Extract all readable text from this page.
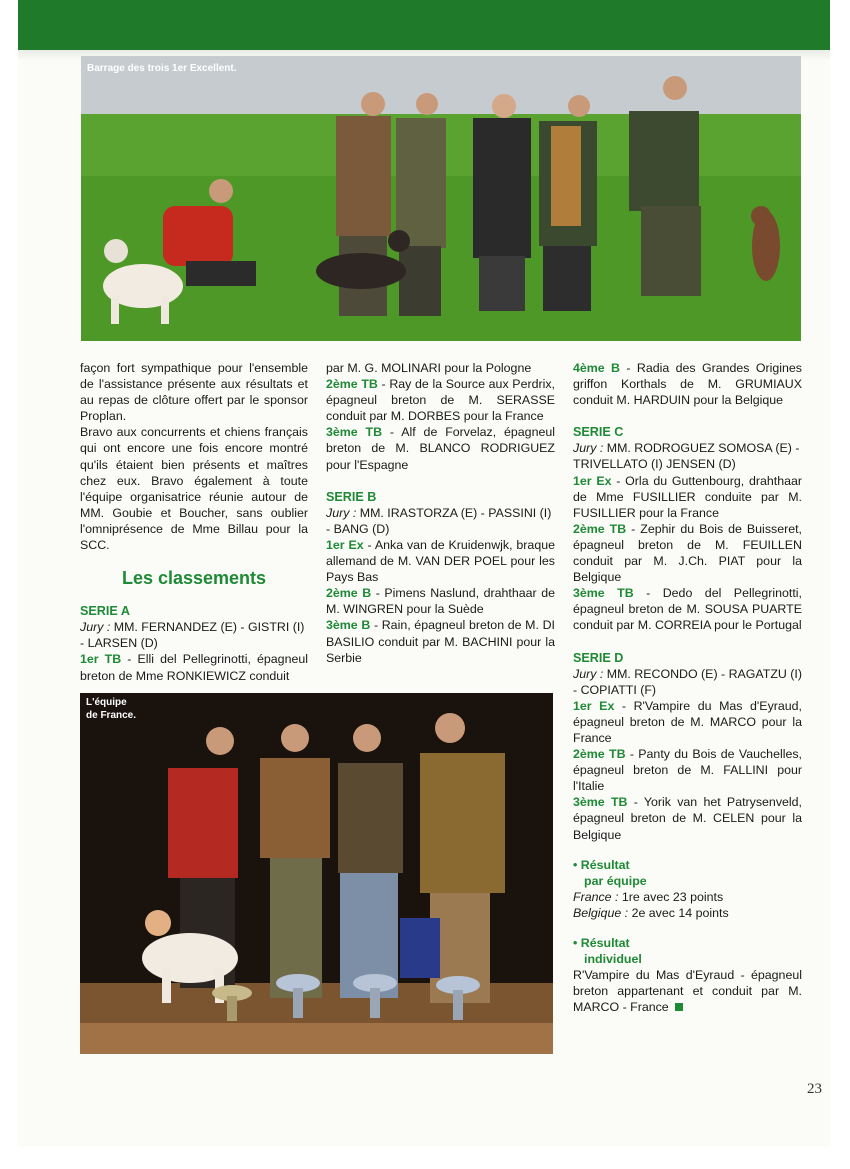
Barrage des trois 1er Excellent.

façon fort sympathique pour l'ensemble de l'assistance présente aux résultats et au repas de clôture offert par le sponsor Proplan.

Bravo aux concurrents et chiens français qui ont encore une fois encore montré qu'ils étaient bien présents et maîtres chez eux. Bravo également à toute l'équipe organisatrice réunie autour de MM. Goubie et Boucher, sans oublier l'omniprésence de Mme Billau pour la SCC.

Les classements

SERIE A

Jury : MM. FERNANDEZ (E) - GISTRI (I) - LARSEN (D)

1er TB - Elli del Pellegrinotti, épagneul breton de Mme RONKIEWICZ conduit

par M. G. MOLINARI pour la Pologne

2ème TB - Ray de la Source aux Perdrix, épagneul breton de M. SERASSE conduit par M. DORBES pour la France

3ème TB - Alf de Forvelaz, épagneul breton de M. BLANCO RODRIGUEZ pour l'Espagne

SERIE B

Jury : MM. IRASTORZA (E) - PASSINI (I) - BANG (D)

1er Ex - Anka van de Kruidenwjk, braque allemand de M. VAN DER POEL pour les Pays Bas

2ème B - Pimens Naslund, drahthaar de M. WINGREN pour la Suède

3ème B - Rain, épagneul breton de M. DI BASILIO conduit par M. BACHINI pour la Serbie

4ème B - Radia des Grandes Origines griffon Korthals de M. GRUMIAUX conduit M. HARDUIN pour la Belgique

SERIE C

Jury : MM. RODROGUEZ SOMOSA (E) - TRIVELLATO (I) JENSEN (D)

1er Ex - Orla du Guttenbourg, drahthaar de Mme FUSILLIER conduite par M. FUSILLIER pour la France

2ème TB - Zephir du Bois de Buisseret, épagneul breton de M. FEUILLEN conduit par M. J.Ch. PIAT pour la Belgique

3ème TB - Dedo del Pellegrinotti, épagneul breton de M. SOUSA PUARTE conduit par M. CORREIA pour le Portugal

SERIE D

Jury : MM. RECONDO (E) - RAGATZU (I) - COPIATTI (F)

1er Ex - R'Vampire du Mas d'Eyraud, épagneul breton de M. MARCO pour la France

2ème TB - Panty du Bois de Vauchelles, épagneul breton de M. FALLINI pour l'Italie

3ème TB - Yorik van het Patrysenveld, épagneul breton de M. CELEN pour la Belgique

• Résultat

par équipe

France : 1re avec 23 points

Belgique : 2e avec 14 points

• Résultat

individuel

R'Vampire du Mas d'Eyraud - épagneul breton appartenant et conduit par M. MARCO - France

L'équipe
de France.
23
